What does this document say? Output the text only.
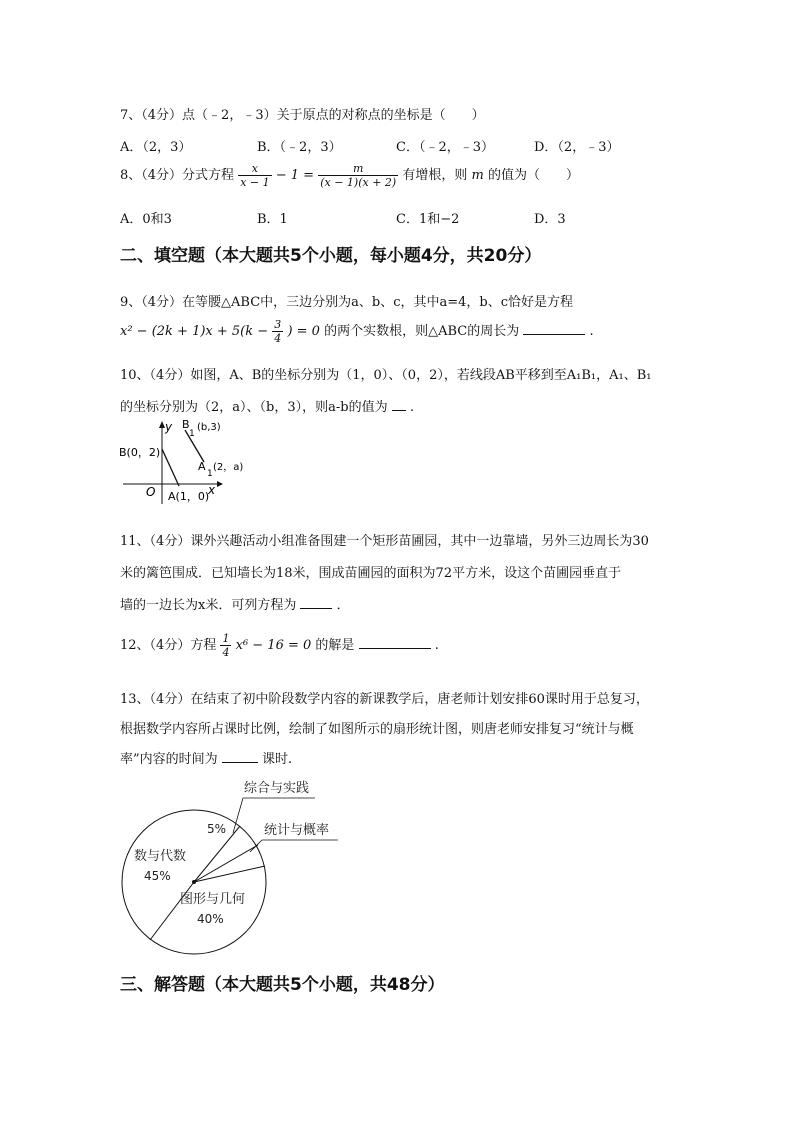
7、（4分）点（﹣2，﹣3）关于原点的对称点的坐标是（　　）
A．（2，3）	B．（﹣2，3）	C．（﹣2，﹣3）	D．（2，﹣3）
8、（4分）分式方程 $\frac{x}{x - 1} - 1 = \frac{m}{(x - 1)(x + 2)}$ 有增根，则 m 的值为（　　）
A．0和3	B．1	C．1和−2	D．3
二、填空题（本大题共5个小题，每小题4分，共20分）
9、（4分）在等腰△ABC中，三边分别为a、b、c，其中a=4，b、c恰好是方程
$x^2 - (2k + 1)x + 5(k - \frac{3}{4}$ ) = 0 的两个实数根，则△ABC的周长为	.
10、（4分）如图，A、B的坐标分别为（1，0）、（0，2），若线段AB平移到至A₁B₁，A₁、B₁
的坐标分别为（2，a）、（b，3），则a-b的值为 .
B(0，2)
A(1，0)
O	x
y B
1
(b,3)
A
1
(2，a)
11、（4分）课外兴趣活动小组准备围建一个矩形苗圃园，其中一边靠墙，另外三边周长为30
米的篱笆围成．已知墙长为18米，围成苗圃园的面积为72平方米，设这个苗圃园垂直于
墙的一边长为x米．可列方程为	．
12、（4分）方程 $\frac{1}{4} x^6 - 16 = 0$ 的解是	.
13、（4分）在结束了初中阶段数学内容的新课教学后，唐老师计划安排60课时用于总复习，
根据数学内容所占课时比例，绘制了如图所示的扇形统计图，则唐老师安排复习“统计与概
率”内容的时间为	课时.
综合与实践
5%	统计与概率
数与代数
45%
图形与几何
40%
三、解答题（本大题共5个小题，共48分）
